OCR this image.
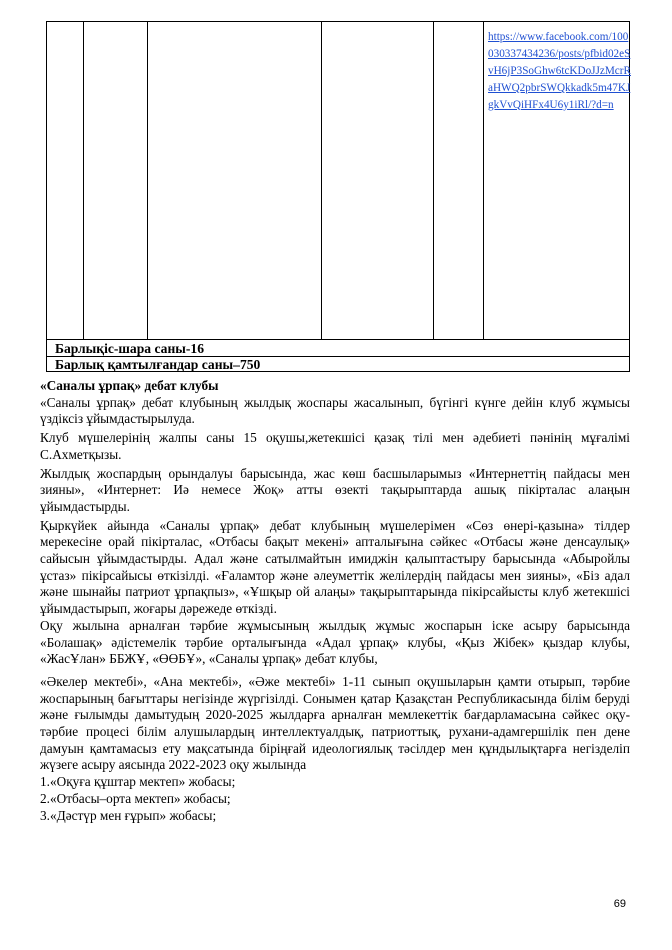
https://www.facebook.com/100030337434236/posts/pfbid02eSvH6jP3SoGhw6tcKDoJJzMcrRaHWQ2pbrSWQkkadk5m47KJgkVvQiHFx4U6y1iRl/?d=n
Барлықіс-шара саны-16
Барлық қамтылғандар саны–750

«Саналы ұрпақ» дебат клубы

«Саналы ұрпақ» дебат клубының жылдық жоспары жасалынып, бүгінгі күнге дейін клуб жұмысы үздіксіз ұйымдастырылуда.

Клуб мүшелерінің жалпы саны 15 оқушы,жетекшісі қазақ тілі мен әдебиеті пәнінің мұғалімі С.Ахметқызы.

Жылдық жоспардың орындалуы барысында, жас көш басшыларымыз «Интернеттің пайдасы мен зияны», «Интернет: Иә немесе Жоқ» атты өзекті тақырыптарда ашық пікірталас алаңын ұйымдастырды.

Қыркүйек айында «Саналы ұрпақ» дебат клубының мүшелерімен «Сөз өнері-қазына» тілдер мерекесіне орай пікірталас, «Отбасы бақыт мекені» апталығына сәйкес «Отбасы және денсаулық» сайысын ұйымдастырды. Адал және сатылмайтын имиджін қалыптастыру барысында «Абыройлы ұстаз» пікірсайысы өткізілді. «Ғаламтор және әлеуметтік желілердің пайдасы мен зияны», «Біз адал және шынайы патриот ұрпақпыз», «Ұшқыр ой алаңы» тақырыптарында пікірсайысты клуб жетекшісі ұйымдастырып, жоғары дәрежеде өткізді.

Оқу жылына арналған тәрбие жұмысының жылдық жұмыс жоспарын іске асыру барысында «Болашақ» әдістемелік тәрбие орталығында «Адал ұрпақ» клубы, «Қыз Жібек» қыздар клубы, «ЖасҰлан» ББЖҰ, «ӨӨБҰ», «Саналы ұрпақ» дебат клубы,

«Әкелер мектебі», «Ана мектебі», «Әже мектебі» 1-11 сынып оқушыларын қамти отырып, тәрбие жоспарының бағыттары негізінде жүргізілді. Сонымен қатар Қазақстан Республикасында білім беруді және ғылымды дамытудың 2020-2025 жылдарға арналған мемлекеттік бағдарламасына сәйкес оқу-тәрбие процесі білім алушылардың интеллектуалдық, патриоттық, рухани-адамгершілік пен дене дамуын қамтамасыз ету мақсатында біріңғай идеологиялық тәсілдер мен құндылықтарға негізделіп жүзеге асыру аясында 2022-2023 оқу жылында

1.«Оқуға құштар мектеп» жобасы;

2.«Отбасы–орта мектеп» жобасы;

3.«Дәстүр мен ғұрып» жобасы;

69
